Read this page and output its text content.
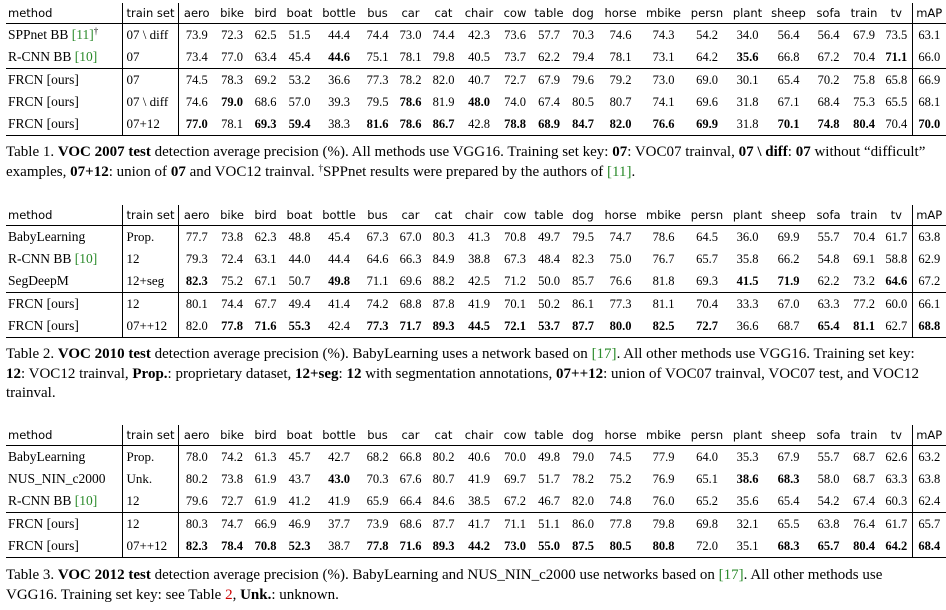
method	train set	aero	bike	bird	boat	bottle	bus	car	cat	chair	cow	table	dog	horse	mbike	persn	plant	sheep	sofa	train	tv	mAP
SPPnet BB [11]†	07 \ diff	73.9	72.3	62.5	51.5	44.4	74.4	73.0	74.4	42.3	73.6	57.7	70.3	74.6	74.3	54.2	34.0	56.4	56.4	67.9	73.5	63.1
R-CNN BB [10]	07	73.4	77.0	63.4	45.4	44.6	75.1	78.1	79.8	40.5	73.7	62.2	79.4	78.1	73.1	64.2	35.6	66.8	67.2	70.4	71.1	66.0
FRCN [ours]	07	74.5	78.3	69.2	53.2	36.6	77.3	78.2	82.0	40.7	72.7	67.9	79.6	79.2	73.0	69.0	30.1	65.4	70.2	75.8	65.8	66.9
FRCN [ours]	07 \ diff	74.6	79.0	68.6	57.0	39.3	79.5	78.6	81.9	48.0	74.0	67.4	80.5	80.7	74.1	69.6	31.8	67.1	68.4	75.3	65.5	68.1
FRCN [ours]	07+12	77.0	78.1	69.3	59.4	38.3	81.6	78.6	86.7	42.8	78.8	68.9	84.7	82.0	76.6	69.9	31.8	70.1	74.8	80.4	70.4	70.0
Table 1. VOC 2007 test detection average precision (%). All methods use VGG16. Training set key: 07: VOC07 trainval, 07 \ diff: 07 without “difficult” examples, 07+12: union of 07 and VOC12 trainval. †SPPnet results were prepared by the authors of [11].
method	train set	aero	bike	bird	boat	bottle	bus	car	cat	chair	cow	table	dog	horse	mbike	persn	plant	sheep	sofa	train	tv	mAP
BabyLearning	Prop.	77.7	73.8	62.3	48.8	45.4	67.3	67.0	80.3	41.3	70.8	49.7	79.5	74.7	78.6	64.5	36.0	69.9	55.7	70.4	61.7	63.8
R-CNN BB [10]	12	79.3	72.4	63.1	44.0	44.4	64.6	66.3	84.9	38.8	67.3	48.4	82.3	75.0	76.7	65.7	35.8	66.2	54.8	69.1	58.8	62.9
SegDeepM	12+seg	82.3	75.2	67.1	50.7	49.8	71.1	69.6	88.2	42.5	71.2	50.0	85.7	76.6	81.8	69.3	41.5	71.9	62.2	73.2	64.6	67.2
FRCN [ours]	12	80.1	74.4	67.7	49.4	41.4	74.2	68.8	87.8	41.9	70.1	50.2	86.1	77.3	81.1	70.4	33.3	67.0	63.3	77.2	60.0	66.1
FRCN [ours]	07++12	82.0	77.8	71.6	55.3	42.4	77.3	71.7	89.3	44.5	72.1	53.7	87.7	80.0	82.5	72.7	36.6	68.7	65.4	81.1	62.7	68.8
Table 2. VOC 2010 test detection average precision (%). BabyLearning uses a network based on [17]. All other methods use VGG16. Training set key: 12: VOC12 trainval, Prop.: proprietary dataset, 12+seg: 12 with segmentation annotations, 07++12: union of VOC07 trainval, VOC07 test, and VOC12 trainval.
method	train set	aero	bike	bird	boat	bottle	bus	car	cat	chair	cow	table	dog	horse	mbike	persn	plant	sheep	sofa	train	tv	mAP
BabyLearning	Prop.	78.0	74.2	61.3	45.7	42.7	68.2	66.8	80.2	40.6	70.0	49.8	79.0	74.5	77.9	64.0	35.3	67.9	55.7	68.7	62.6	63.2
NUS_NIN_c2000	Unk.	80.2	73.8	61.9	43.7	43.0	70.3	67.6	80.7	41.9	69.7	51.7	78.2	75.2	76.9	65.1	38.6	68.3	58.0	68.7	63.3	63.8
R-CNN BB [10]	12	79.6	72.7	61.9	41.2	41.9	65.9	66.4	84.6	38.5	67.2	46.7	82.0	74.8	76.0	65.2	35.6	65.4	54.2	67.4	60.3	62.4
FRCN [ours]	12	80.3	74.7	66.9	46.9	37.7	73.9	68.6	87.7	41.7	71.1	51.1	86.0	77.8	79.8	69.8	32.1	65.5	63.8	76.4	61.7	65.7
FRCN [ours]	07++12	82.3	78.4	70.8	52.3	38.7	77.8	71.6	89.3	44.2	73.0	55.0	87.5	80.5	80.8	72.0	35.1	68.3	65.7	80.4	64.2	68.4
Table 3. VOC 2012 test detection average precision (%). BabyLearning and NUS_NIN_c2000 use networks based on [17]. All other methods use VGG16. Training set key: see Table 2, Unk.: unknown.
